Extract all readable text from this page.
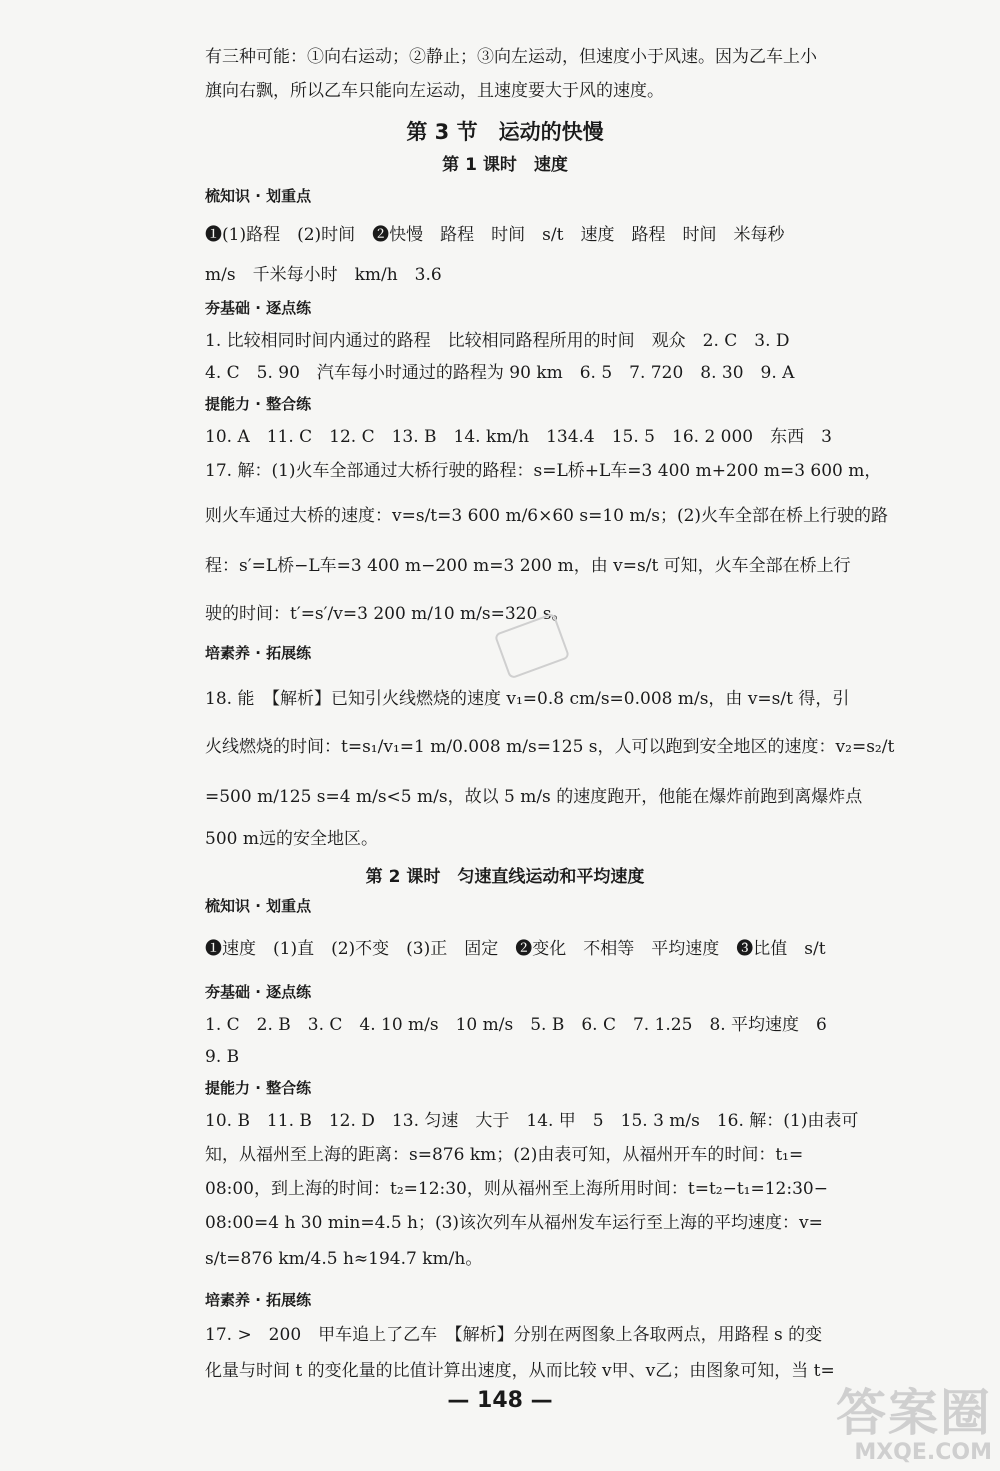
有三种可能：①向右运动；②静止；③向左运动，但速度小于风速。因为乙车上小
旗向右飘，所以乙车只能向左运动，且速度要大于风的速度。
第 3 节　运动的快慢
第 1 课时　速度
梳知识 · 划重点
❶(1)路程　(2)时间　❷快慢　路程　时间　s/t　速度　路程　时间　米每秒
m/s　千米每小时　km/h　3.6
夯基础 · 逐点练
1. 比较相同时间内通过的路程　比较相同路程所用的时间　观众　2. C　3. D
4. C　5. 90　汽车每小时通过的路程为 90 km　6. 5　7. 720　8. 30　9. A
提能力 · 整合练
10. A　11. C　12. C　13. B　14. km/h　134.4　15. 5　16. 2 000　东西　3
17. 解：(1)火车全部通过大桥行驶的路程：s=L桥+L车=3 400 m+200 m=3 600 m，
则火车通过大桥的速度：v=s/t=3 600 m/6×60 s=10 m/s；(2)火车全部在桥上行驶的路
程：s′=L桥−L车=3 400 m−200 m=3 200 m，由 v=s/t 可知，火车全部在桥上行
驶的时间：t′=s′/v=3 200 m/10 m/s=320 s。
培素养 · 拓展练
18. 能　【解析】已知引火线燃烧的速度 v₁=0.8 cm/s=0.008 m/s，由 v=s/t 得，引
火线燃烧的时间：t=s₁/v₁=1 m/0.008 m/s=125 s，人可以跑到安全地区的速度：v₂=s₂/t
=500 m/125 s=4 m/s<5 m/s，故以 5 m/s 的速度跑开，他能在爆炸前跑到离爆炸点
500 m远的安全地区。
第 2 课时　匀速直线运动和平均速度
梳知识 · 划重点
❶速度　(1)直　(2)不变　(3)正　固定　❷变化　不相等　平均速度　❸比值　s/t
夯基础 · 逐点练
1. C　2. B　3. C　4. 10 m/s　10 m/s　5. B　6. C　7. 1.25　8. 平均速度　6
9. B
提能力 · 整合练
10. B　11. B　12. D　13. 匀速　大于　14. 甲　5　15. 3 m/s　16. 解：(1)由表可
知，从福州至上海的距离：s=876 km；(2)由表可知，从福州开车的时间：t₁=
08:00，到上海的时间：t₂=12:30，则从福州至上海所用时间：t=t₂−t₁=12:30−
08:00=4 h 30 min=4.5 h；(3)该次列车从福州发车运行至上海的平均速度：v=
s/t=876 km/4.5 h≈194.7 km/h。
培素养 · 拓展练
17. >　200　甲车追上了乙车　【解析】分别在两图象上各取两点，用路程 s 的变
化量与时间 t 的变化量的比值计算出速度，从而比较 v甲、v乙；由图象可知，当 t=
— 148 —	答案圈
MXQE.COM
